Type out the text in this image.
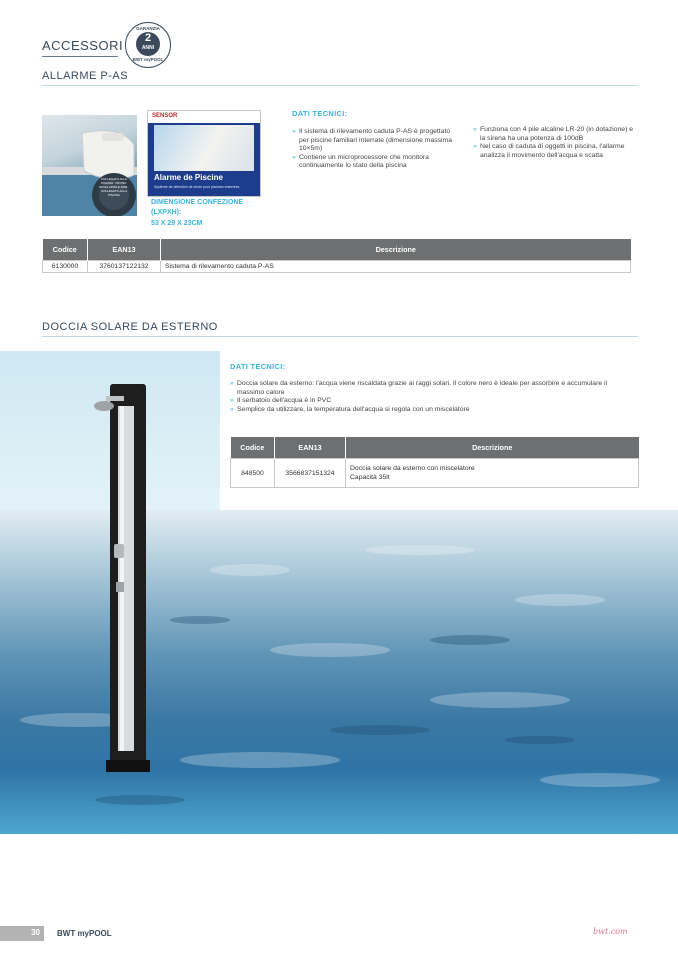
ACCESSORI
GARANZIA
2
ANNI
BWT myPOOL
ALLARME P-AS
COLLEGATO ALLA PISCINA · NF P90-307/A1 APRILE 2009 · COLLEGATO ALLA PISCINA
SENSOR
Alarme de Piscine
Système de détection de chute pour piscines enterrées
DIMENSIONE CONFEZIONE (LXPXH):
53 X 29 X 23CM
DATI TECNICI:
» Il sistema di rilevamento caduta P-AS è progettato per piscine familiari interrate (dimensione massima 10×5m)
» Contiene un microprocessore che monitora continuamente lo stato della piscina
» Funziona con 4 pile alcaline LR-20 (in dotazione) e la sirena ha una potenza di 100dB
» Nel caso di caduta di oggetti in piscina, l'allarme analizza il movimento dell'acqua e scatta
Codice	EAN13	Descrizione
6130000	3760137122132	Sistema di rilevamento caduta P-AS
DOCCIA SOLARE DA ESTERNO
DATI TECNICI:
» Doccia solare da esterno: l'acqua viene riscaldata grazie ai raggi solari. Il colore nero è ideale per assorbire e accumulare il massimo calore
» Il serbatoio dell'acqua è in PVC
» Semplice da utilizzare, la temperatura dell'acqua si regola con un miscelatore
Codice	EAN13	Descrizione
848500	3566837151324	Doccia solare da esterno con miscelatore
Capacità 35lt
30 BWT myPOOL	bwt.com
